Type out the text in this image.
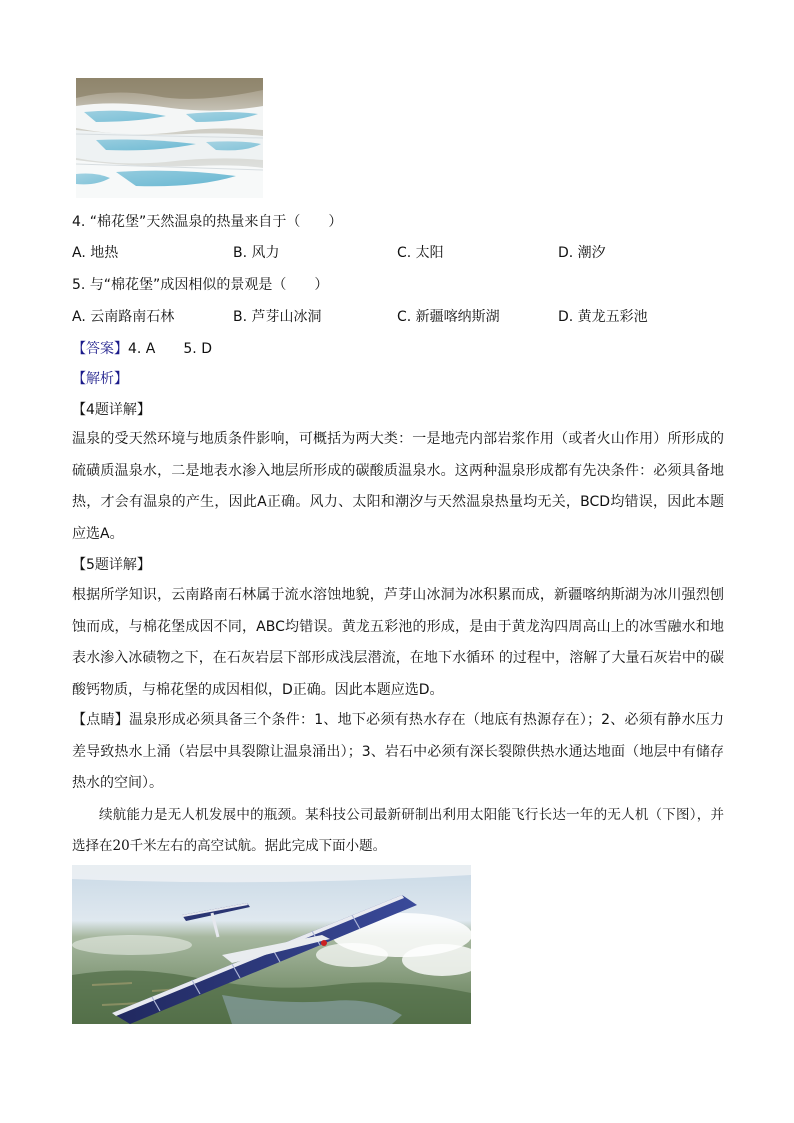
4. “棉花堡”天然温泉的热量来自于（　　）
A. 地热	B. 风力	C. 太阳	D. 潮汐
5. 与“棉花堡”成因相似的景观是（　　）
A. 云南路南石林	B. 芦芽山冰洞	C. 新疆喀纳斯湖	D. 黄龙五彩池
【答案】4. A　　5. D
【解析】
【4题详解】
温泉的受天然环境与地质条件影响，可概括为两大类：一是地壳内部岩浆作用（或者火山作用）所形成的硫磺质温泉水，二是地表水渗入地层所形成的碳酸质温泉水。这两种温泉形成都有先决条件：必须具备地热，才会有温泉的产生，因此A正确。风力、太阳和潮汐与天然温泉热量均无关，BCD均错误，因此本题应选A。
【5题详解】
根据所学知识，云南路南石林属于流水溶蚀地貌，芦芽山冰洞为冰积累而成，新疆喀纳斯湖为冰川强烈刨蚀而成，与棉花堡成因不同，ABC均错误。黄龙五彩池的形成，是由于黄龙沟四周高山上的冰雪融水和地表水渗入冰碛物之下，在石灰岩层下部形成浅层潜流，在地下水循环 的过程中，溶解了大量石灰岩中的碳酸钙物质，与棉花堡的成因相似，D正确。因此本题应选D。
【点睛】温泉形成必须具备三个条件：1、地下必须有热水存在（地底有热源存在）；2、必须有静水压力差导致热水上涌（岩层中具裂隙让温泉涌出）；3、岩石中必须有深长裂隙供热水通达地面（地层中有储存热水的空间）。
续航能力是无人机发展中的瓶颈。某科技公司最新研制出利用太阳能飞行长达一年的无人机（下图），并选择在20千米左右的高空试航。据此完成下面小题。
